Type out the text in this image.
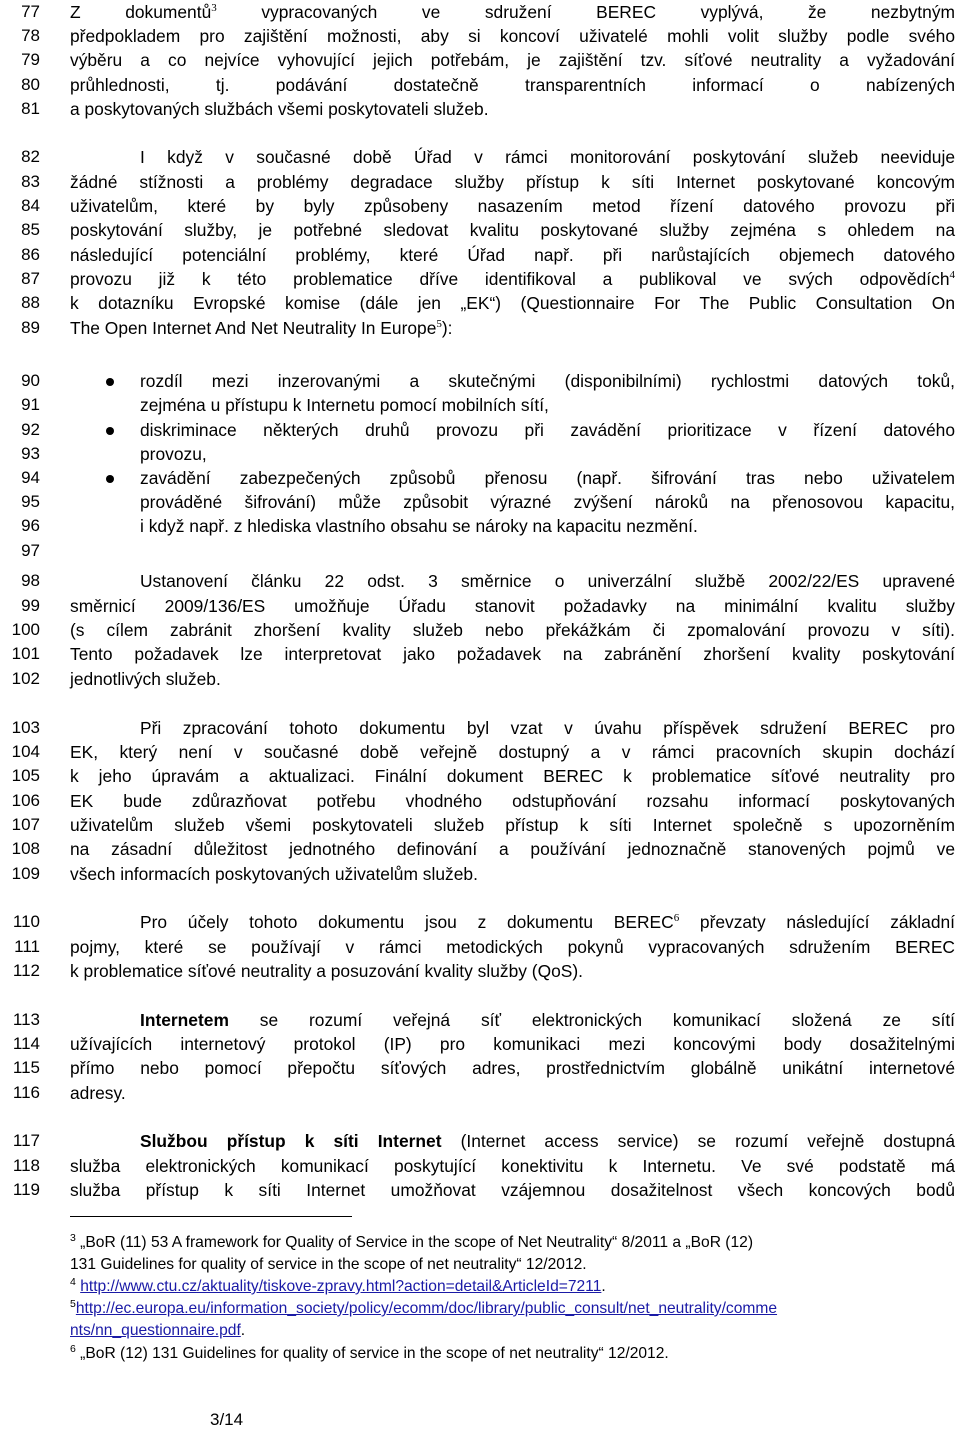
77
78
79
80
81
82
83
84
85
86
87
88
89
90
91
92
93
94
95
96
97
98
99
100
101
102
103
104
105
106
107
108
109
110
111
112
113
114
115
116
117
118
119
Z dokumentů$^3$ vypracovaných ve sdružení BEREC vyplývá, že nezbytným
předpokladem pro zajištění možnosti, aby si koncoví uživatelé mohli volit služby podle svého
výběru a co nejvíce vyhovující jejich potřebám, je zajištění tzv. síťové neutrality a vyžadování
průhlednosti, tj. podávání dostatečně transparentních informací o nabízených
a poskytovaných službách všemi poskytovateli služeb.
I když v současné době Úřad v rámci monitorování poskytování služeb neeviduje
žádné stížnosti a problémy degradace služby přístup k síti Internet poskytované koncovým
uživatelům, které by byly způsobeny nasazením metod řízení datového provozu při
poskytování služby, je potřebné sledovat kvalitu poskytované služby zejména s ohledem na
následující potenciální problémy, které Úřad např. při narůstajících objemech datového
provozu již k této problematice dříve identifikoval a publikoval ve svých odpovědích$^4$
k dotazníku Evropské komise (dále jen „EK“) (Questionnaire For The Public Consultation On
The Open Internet And Net Neutrality In Europe$^5$):
rozdíl mezi inzerovanými a skutečnými (disponibilními) rychlostmi datových toků,
zejména u přístupu k Internetu pomocí mobilních sítí,
diskriminace některých druhů provozu při zavádění prioritizace v řízení datového
provozu,
zavádění zabezpečených způsobů přenosu (např. šifrování tras nebo uživatelem
prováděné šifrování) může způsobit výrazné zvýšení nároků na přenosovou kapacitu,
i když např. z hlediska vlastního obsahu se nároky na kapacitu nezmění.
Ustanovení článku 22 odst. 3 směrnice o univerzální službě 2002/22/ES upravené
směrnicí 2009/136/ES umožňuje Úřadu stanovit požadavky na minimální kvalitu služby
(s cílem zabránit zhoršení kvality služeb nebo překážkám či zpomalování provozu v síti).
Tento požadavek lze interpretovat jako požadavek na zabránění zhoršení kvality poskytování
jednotlivých služeb.
Při zpracování tohoto dokumentu byl vzat v úvahu příspěvek sdružení BEREC pro
EK, který není v současné době veřejně dostupný a v rámci pracovních skupin dochází
k jeho úpravám a aktualizaci. Finální dokument BEREC k problematice síťové neutrality pro
EK bude zdůrazňovat potřebu vhodného odstupňování rozsahu informací poskytovaných
uživatelům služeb všemi poskytovateli služeb přístup k síti Internet společně s upozorněním
na zásadní důležitost jednotného definování a používání jednoznačně stanovených pojmů ve
všech informacích poskytovaných uživatelům služeb.
Pro účely tohoto dokumentu jsou z dokumentu BEREC$^6$ převzaty následující základní
pojmy, které se používají v rámci metodických pokynů vypracovaných sdružením BEREC
k problematice síťové neutrality a posuzování kvality služby (QoS).
Internetem se rozumí veřejná síť elektronických komunikací složená ze sítí
užívajících internetový protokol (IP) pro komunikaci mezi koncovými body dosažitelnými
přímo nebo pomocí přepočtu síťových adres, prostřednictvím globálně unikátní internetové
adresy.
Službou přístup k síti Internet (Internet access service) se rozumí veřejně dostupná
služba elektronických komunikací poskytující konektivitu k Internetu. Ve své podstatě má
služba přístup k síti Internet umožňovat vzájemnou dosažitelnost všech koncových bodů
$^3$ „BoR (11) 53 A framework for Quality of Service in the scope of Net Neutrality“ 8/2011 a „BoR (12)
131 Guidelines for quality of service in the scope of net neutrality“ 12/2012.
$^4$ http://www.ctu.cz/aktuality/tiskove-zpravy.html?action=detail&ArticleId=7211.
$^5$http://ec.europa.eu/information_society/policy/ecomm/doc/library/public_consult/net_neutrality/comme
nts/nn_questionnaire.pdf.
$^6$ „BoR (12) 131 Guidelines for quality of service in the scope of net neutrality“ 12/2012.
3/14
